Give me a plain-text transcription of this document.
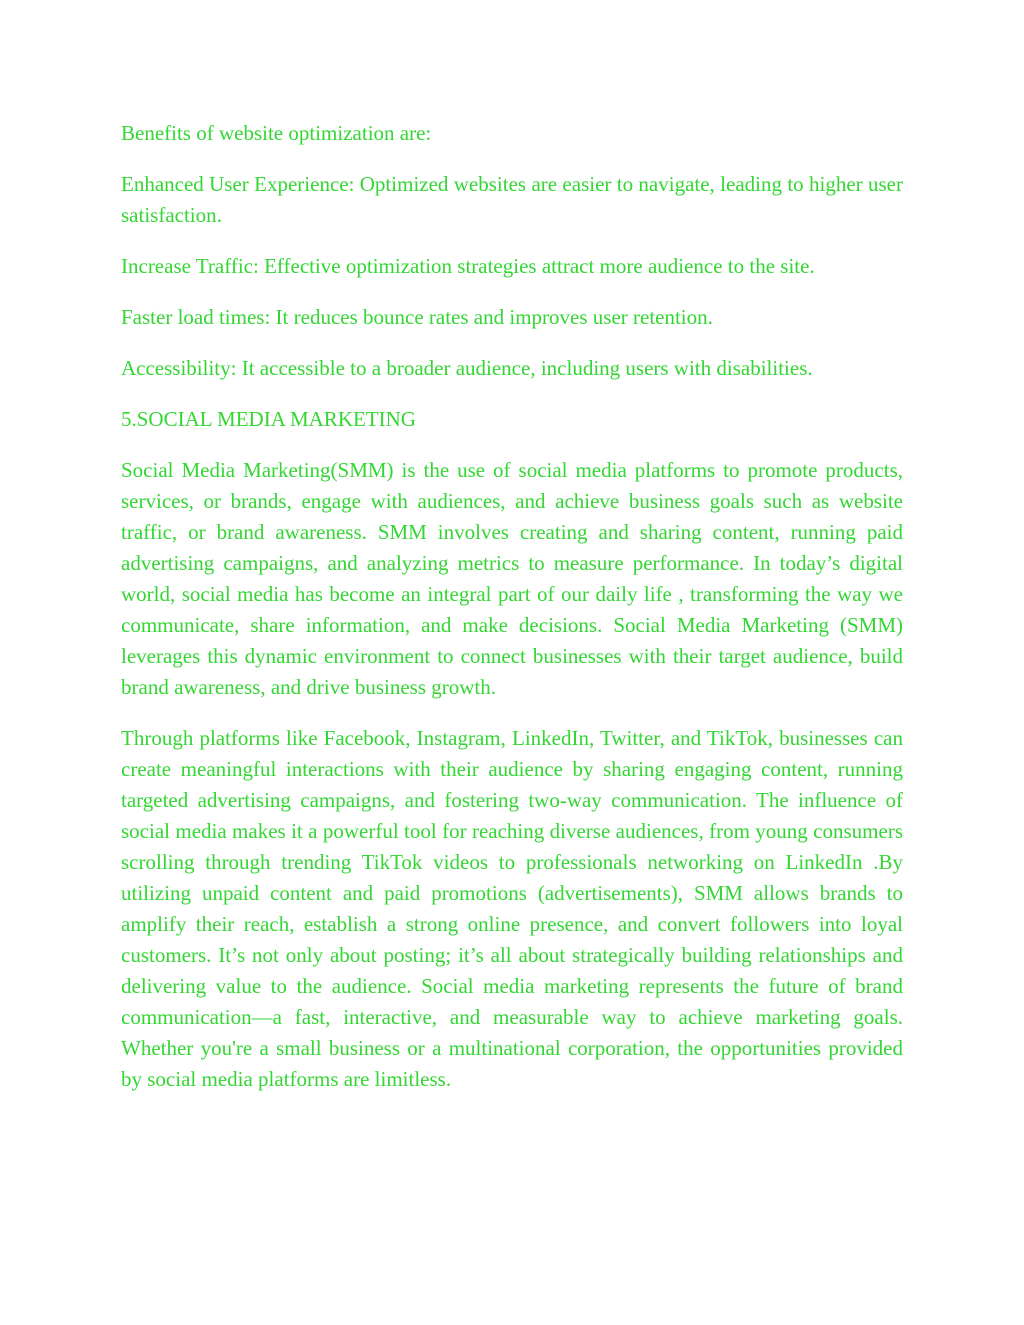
Benefits of website optimization are:

Enhanced User Experience: Optimized websites are easier to navigate, leading to higher user satisfaction.

Increase Traffic: Effective optimization strategies attract more audience to the site.

Faster load times: It reduces bounce rates and improves user retention.

Accessibility: It accessible to a broader audience, including users with disabilities.

5.SOCIAL MEDIA MARKETING

Social Media Marketing(SMM) is the use of social media platforms to promote products, services, or brands, engage with audiences, and achieve business goals such as website traffic, or brand awareness. SMM involves creating and sharing content, running paid advertising campaigns, and analyzing metrics to measure performance. In today’s digital world, social media has become an integral part of our daily life , transforming the way we communicate, share information, and make decisions. Social Media Marketing (SMM) leverages this dynamic environment to connect businesses with their target audience, build brand awareness, and drive business growth.

Through platforms like Facebook, Instagram, LinkedIn, Twitter, and TikTok, businesses can create meaningful interactions with their audience by sharing engaging content, running targeted advertising campaigns, and fostering two-way communication. The influence of social media makes it a powerful tool for reaching diverse audiences, from young consumers scrolling through trending TikTok videos to professionals networking on LinkedIn .By utilizing unpaid content and paid promotions (advertisements), SMM allows brands to amplify their reach, establish a strong online presence, and convert followers into loyal customers. It’s not only about posting; it’s all about strategically building relationships and delivering value to the audience. Social media marketing represents the future of brand communication—a fast, interactive, and measurable way to achieve marketing goals. Whether you're a small business or a multinational corporation, the opportunities provided by social media platforms are limitless.
